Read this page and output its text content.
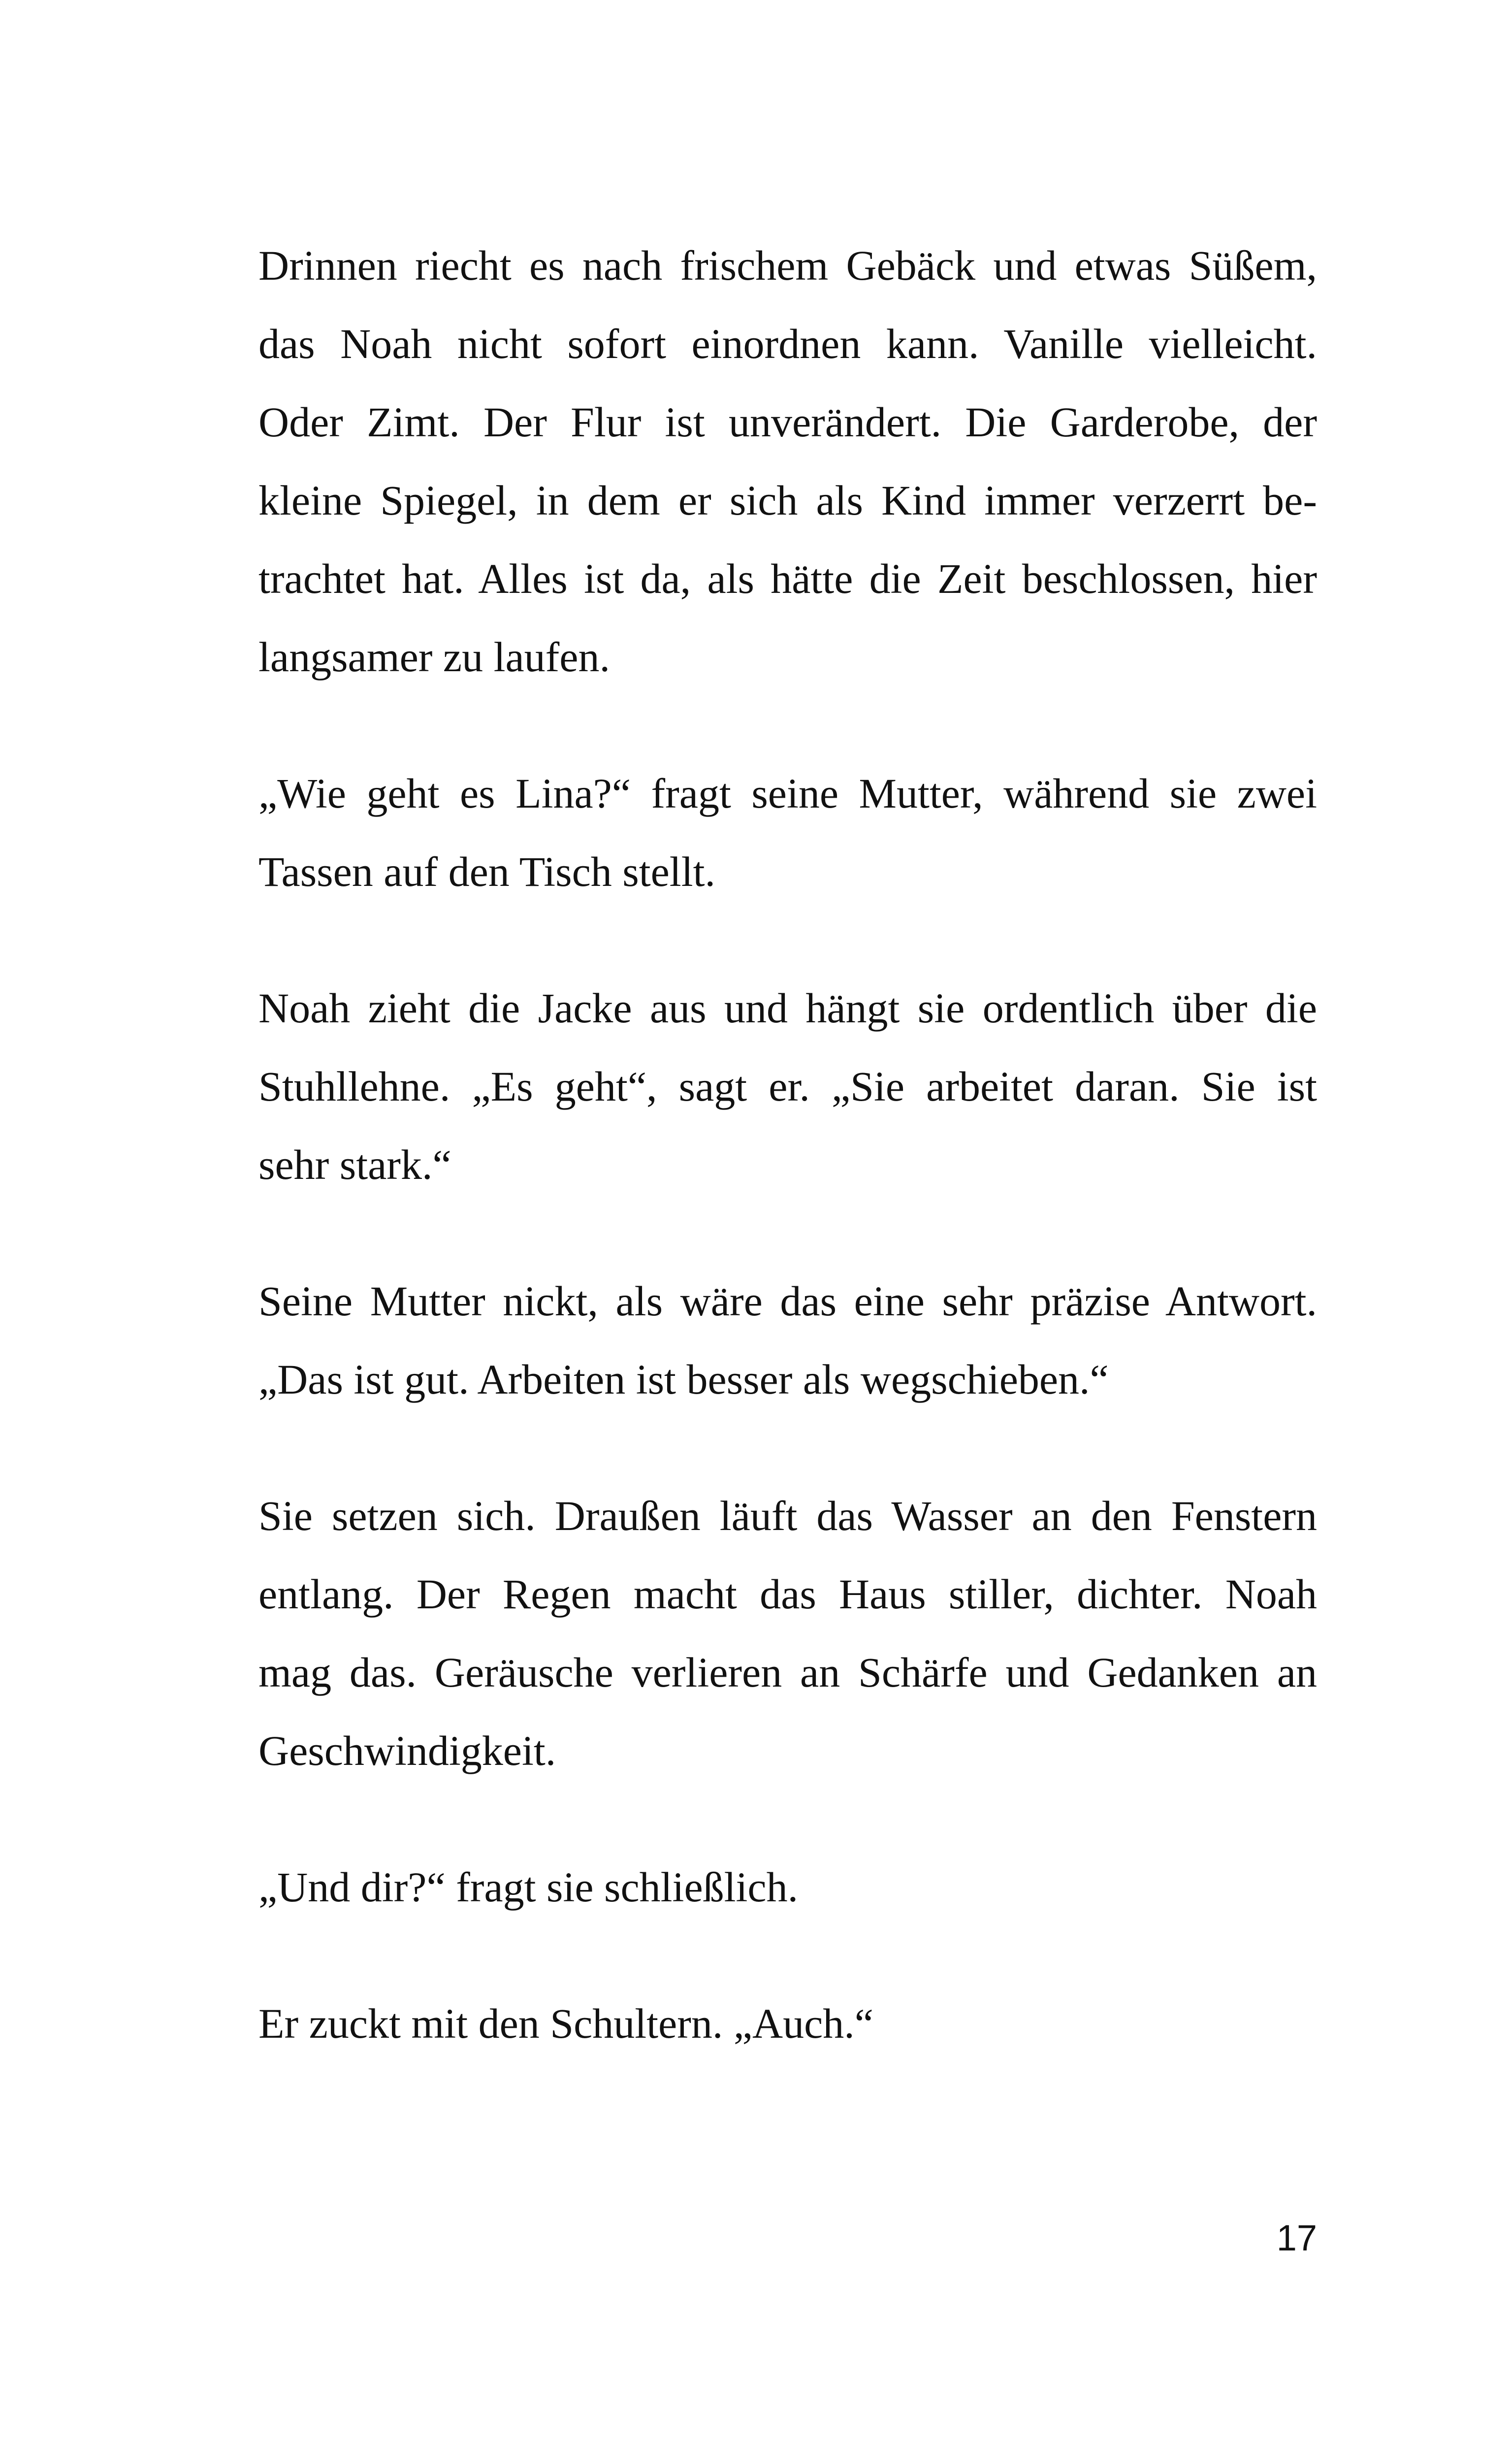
Drinnen riecht es nach frischem Gebäck und etwas Süßem,
das Noah nicht sofort einordnen kann. Vanille vielleicht.
Oder Zimt. Der Flur ist unverändert. Die Garderobe, der
kleine Spiegel, in dem er sich als Kind immer verzerrt be-
trachtet hat. Alles ist da, als hätte die Zeit beschlossen, hier
langsamer zu laufen.

„Wie geht es Lina?“ fragt seine Mutter, während sie zwei
Tassen auf den Tisch stellt.

Noah zieht die Jacke aus und hängt sie ordentlich über die
Stuhllehne. „Es geht“, sagt er. „Sie arbeitet daran. Sie ist
sehr stark.“

Seine Mutter nickt, als wäre das eine sehr präzise Antwort.
„Das ist gut. Arbeiten ist besser als wegschieben.“

Sie setzen sich. Draußen läuft das Wasser an den Fenstern
entlang. Der Regen macht das Haus stiller, dichter. Noah
mag das. Geräusche verlieren an Schärfe und Gedanken an
Geschwindigkeit.

„Und dir?“ fragt sie schließlich.

Er zuckt mit den Schultern. „Auch.“

17
